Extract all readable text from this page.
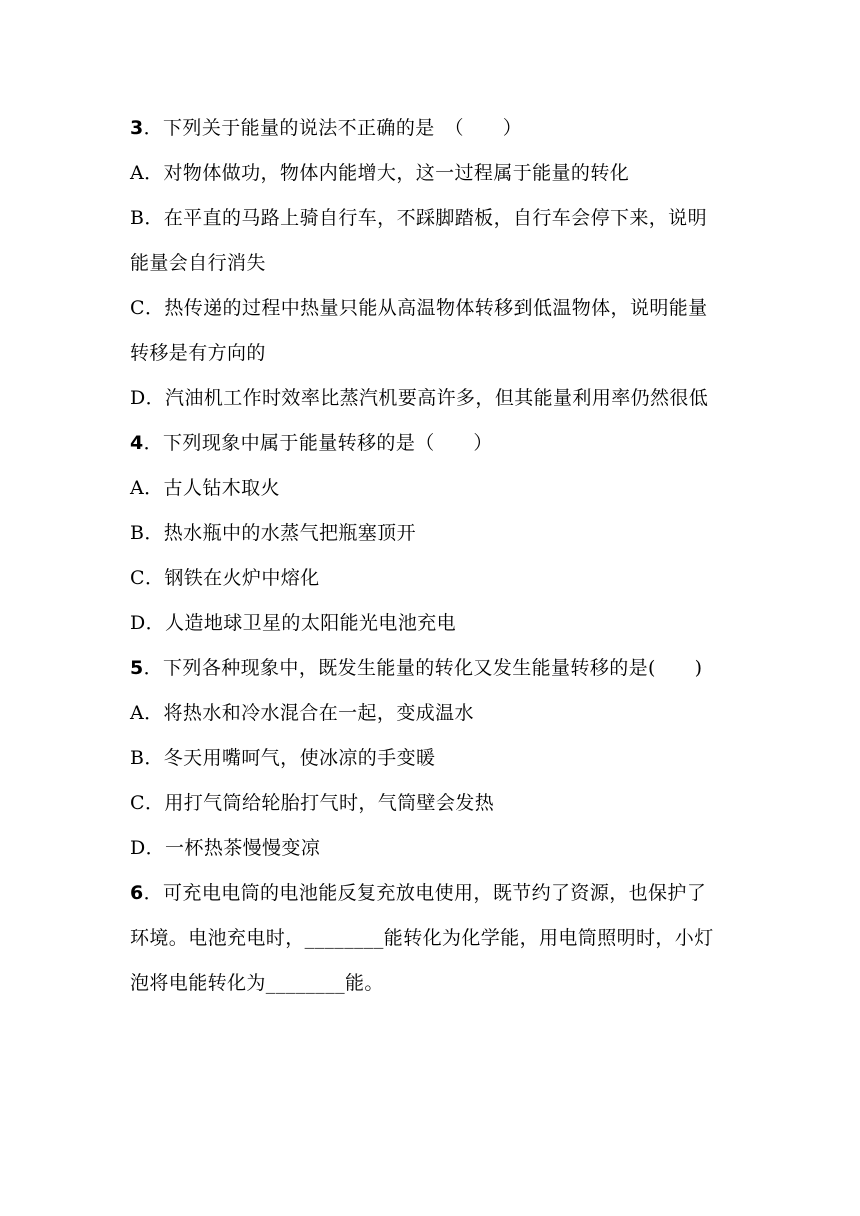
3．下列关于能量的说法不正确的是　（　　）
A．对物体做功，物体内能增大，这一过程属于能量的转化
B．在平直的马路上骑自行车，不踩脚踏板，自行车会停下来，说明
能量会自行消失
C．热传递的过程中热量只能从高温物体转移到低温物体，说明能量
转移是有方向的
D．汽油机工作时效率比蒸汽机要高许多，但其能量利用率仍然很低
4．下列现象中属于能量转移的是（　　）
A．古人钻木取火
B．热水瓶中的水蒸气把瓶塞顶开
C．钢铁在火炉中熔化
D．人造地球卫星的太阳能光电池充电
5．下列各种现象中，既发生能量的转化又发生能量转移的是(　　)
A．将热水和冷水混合在一起，变成温水
B．冬天用嘴呵气，使冰凉的手变暖
C．用打气筒给轮胎打气时，气筒壁会发热
D．一杯热茶慢慢变凉
6．可充电电筒的电池能反复充放电使用，既节约了资源，也保护了
环境。电池充电时，________能转化为化学能，用电筒照明时，小灯
泡将电能转化为________能。
